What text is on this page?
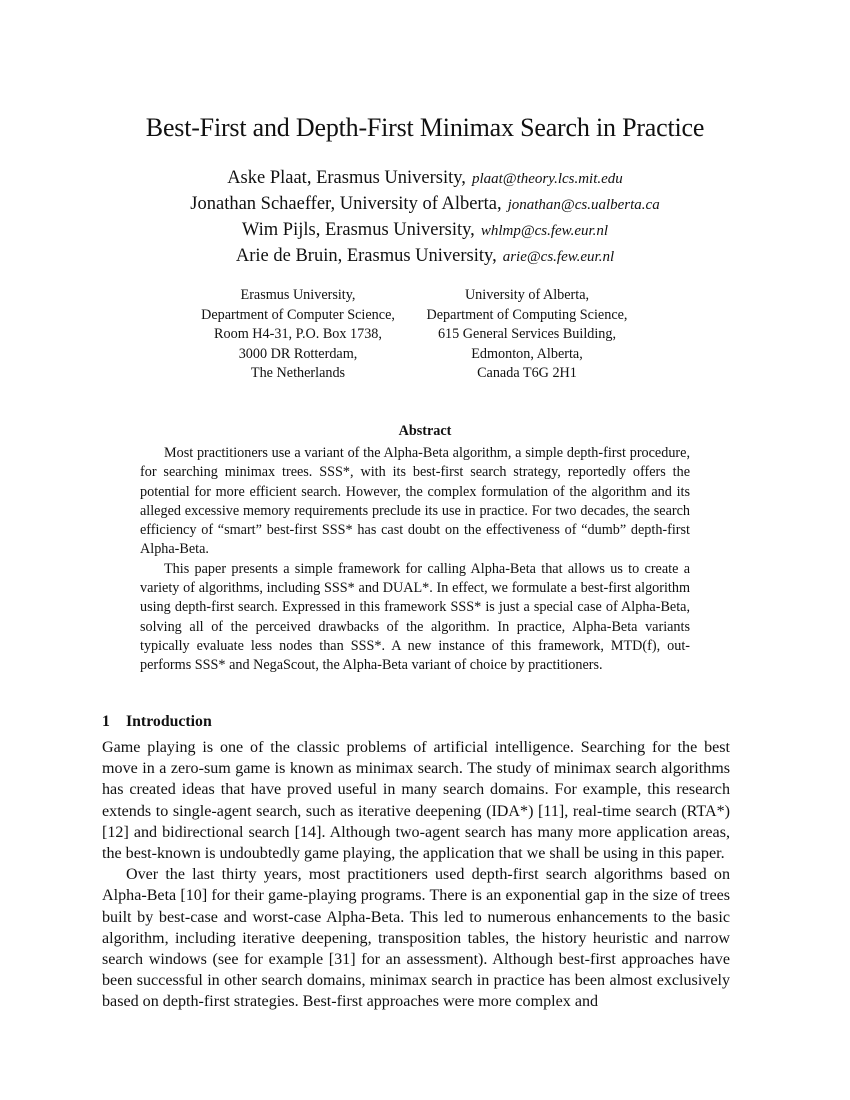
Best-First and Depth-First Minimax Search in Practice
Aske Plaat, Erasmus University, plaat@theory.lcs.mit.edu
Jonathan Schaeffer, University of Alberta, jonathan@cs.ualberta.ca
Wim Pijls, Erasmus University, whlmp@cs.few.eur.nl
Arie de Bruin, Erasmus University, arie@cs.few.eur.nl
Erasmus University,
Department of Computer Science,
Room H4-31, P.O. Box 1738,
3000 DR Rotterdam,
The Netherlands
University of Alberta,
Department of Computing Science,
615 General Services Building,
Edmonton, Alberta,
Canada T6G 2H1
Abstract

Most practitioners use a variant of the Alpha-Beta algorithm, a simple depth-first procedure, for searching minimax trees. SSS*, with its best-first search strategy, reportedly offers the potential for more efficient search. However, the complex formulation of the algorithm and its alleged excessive memory requirements preclude its use in practice. For two decades, the search efficiency of “smart” best-first SSS* has cast doubt on the effectiveness of “dumb” depth-first Alpha-Beta.

This paper presents a simple framework for calling Alpha-Beta that allows us to create a variety of algorithms, including SSS* and DUAL*. In effect, we formulate a best-first algorithm using depth-first search. Expressed in this framework SSS* is just a special case of Alpha-Beta, solving all of the perceived drawbacks of the algorithm. In practice, Alpha-Beta variants typically evaluate less nodes than SSS*. A new instance of this framework, MTD(f), out-performs SSS* and NegaScout, the Alpha-Beta variant of choice by practitioners.

1 Introduction

Game playing is one of the classic problems of artificial intelligence. Searching for the best move in a zero-sum game is known as minimax search. The study of minimax search algorithms has created ideas that have proved useful in many search domains. For example, this research extends to single-agent search, such as iterative deepening (IDA*) [11], real-time search (RTA*) [12] and bidirectional search [14]. Although two-agent search has many more application areas, the best-known is undoubtedly game playing, the application that we shall be using in this paper.

Over the last thirty years, most practitioners used depth-first search algorithms based on Alpha-Beta [10] for their game-playing programs. There is an exponential gap in the size of trees built by best-case and worst-case Alpha-Beta. This led to numerous enhancements to the basic algorithm, including iterative deepening, transposition tables, the history heuristic and narrow search windows (see for example [31] for an assessment). Although best-first approaches have been successful in other search domains, minimax search in practice has been almost exclusively based on depth-first strategies. Best-first approaches were more complex and
